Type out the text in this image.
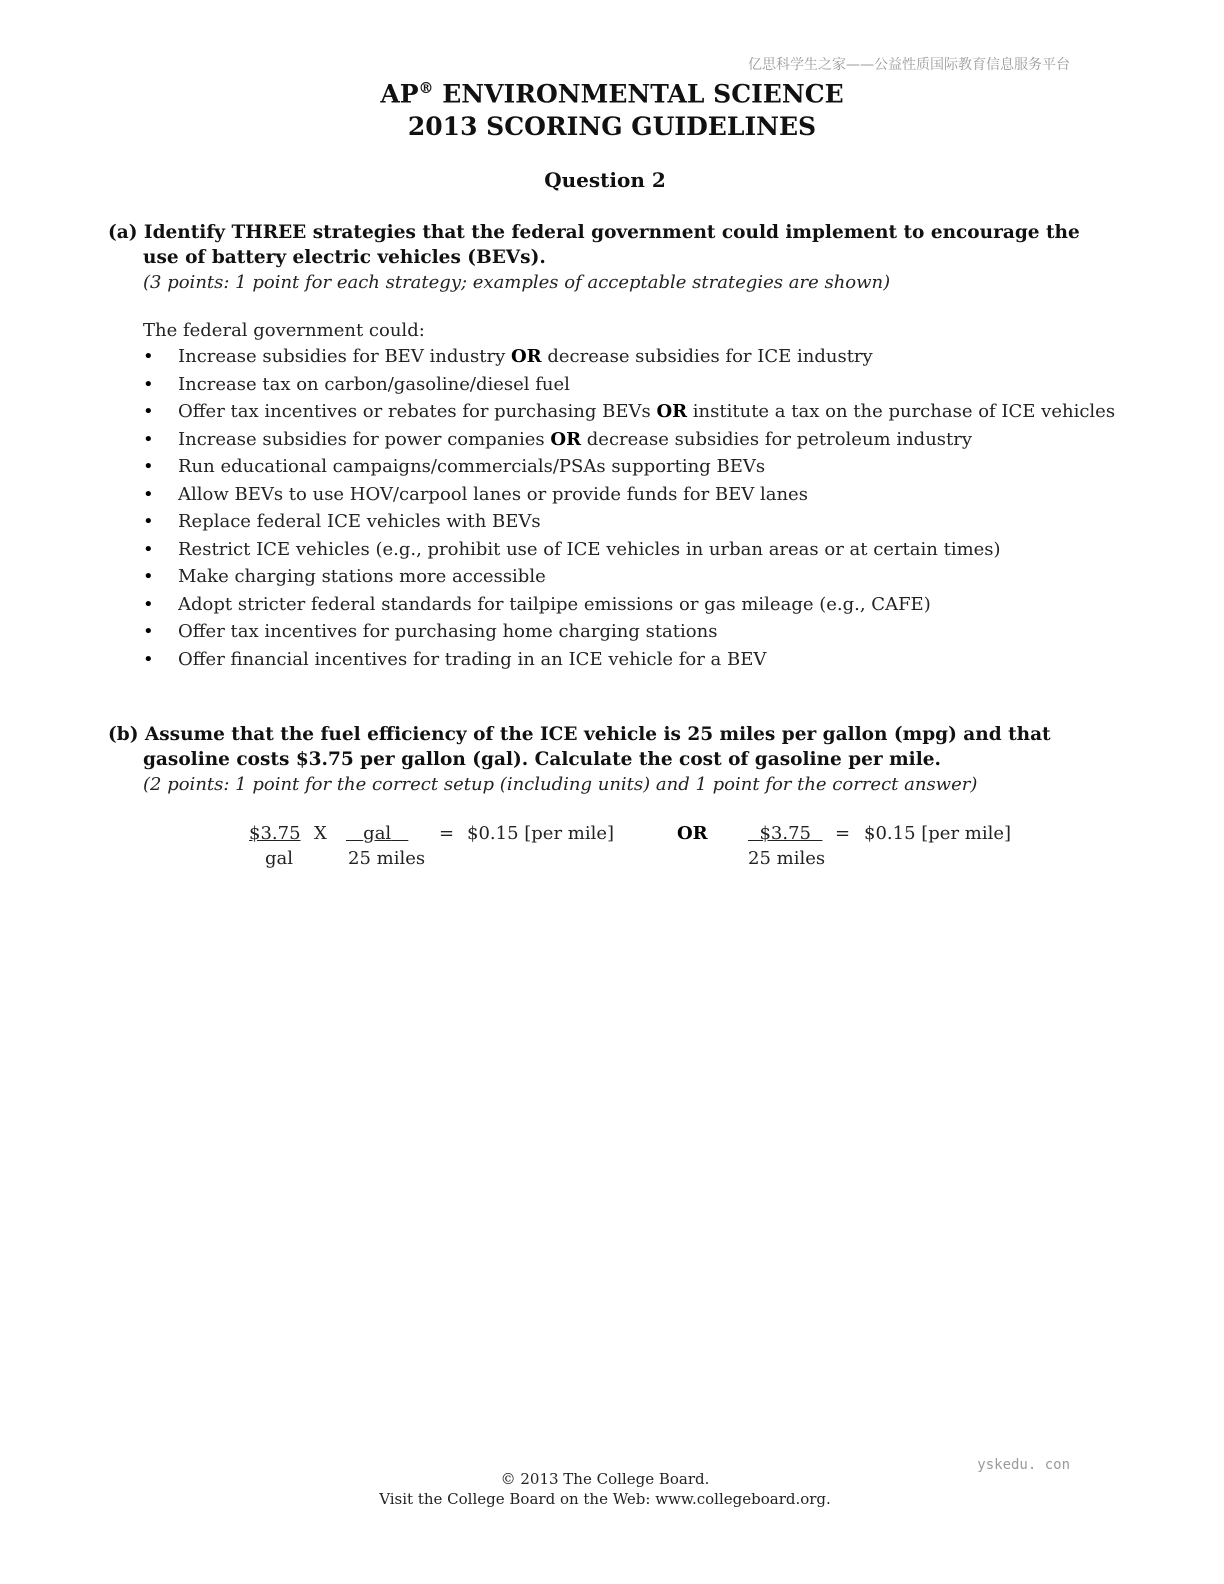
亿思科学生之家——公益性质国际教育信息服务平台
AP® ENVIRONMENTAL SCIENCE
2013 SCORING GUIDELINES
Question 2
(a) Identify THREE strategies that the federal government could implement to encourage the use of battery electric vehicles (BEVs).
(3 points: 1 point for each strategy; examples of acceptable strategies are shown)
The federal government could:
• Increase subsidies for BEV industry OR decrease subsidies for ICE industry
• Increase tax on carbon/gasoline/diesel fuel
• Offer tax incentives or rebates for purchasing BEVs OR institute a tax on the purchase of ICE vehicles
• Increase subsidies for power companies OR decrease subsidies for petroleum industry
• Run educational campaigns/commercials/PSAs supporting BEVs
• Allow BEVs to use HOV/carpool lanes or provide funds for BEV lanes
• Replace federal ICE vehicles with BEVs
• Restrict ICE vehicles (e.g., prohibit use of ICE vehicles in urban areas or at certain times)
• Make charging stations more accessible
• Adopt stricter federal standards for tailpipe emissions or gas mileage (e.g., CAFE)
• Offer tax incentives for purchasing home charging stations
• Offer financial incentives for trading in an ICE vehicle for a BEV
(b) Assume that the fuel efficiency of the ICE vehicle is 25 miles per gallon (mpg) and that gasoline costs $3.75 per gallon (gal). Calculate the cost of gasoline per mile.
(2 points: 1 point for the correct setup (including units) and 1 point for the correct answer)
$3.75
gal
X	gal
25 miles
= $0.15 [per mile]	OR	$3.75
25 miles
= $0.15 [per mile]
yskedu. con
© 2013 The College Board.
Visit the College Board on the Web: www.collegeboard.org.
